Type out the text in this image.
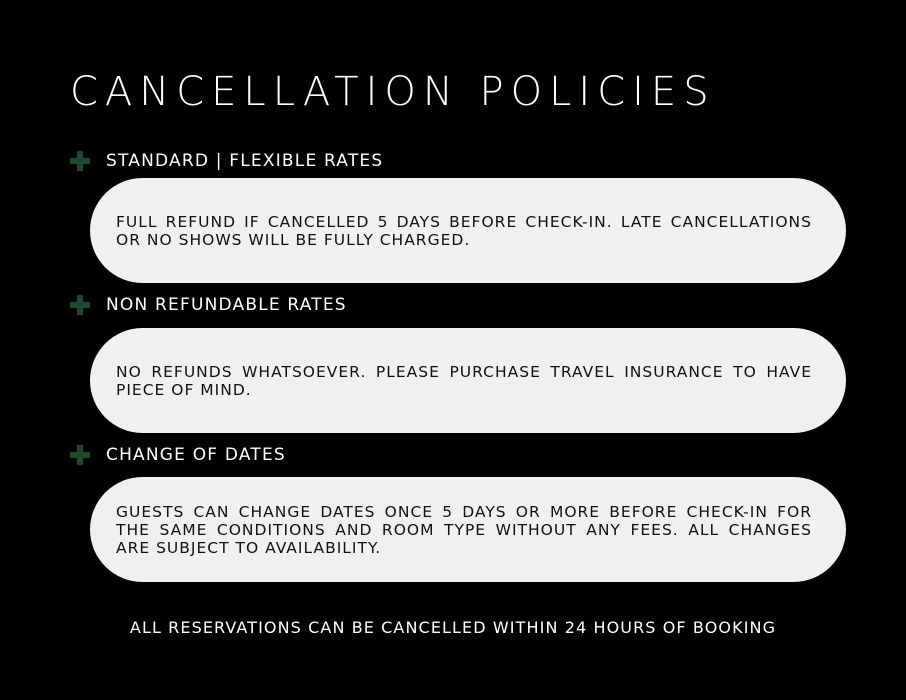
CANCELLATION POLICIES
STANDARD | FLEXIBLE RATES

FULL REFUND IF CANCELLED 5 DAYS BEFORE CHECK-IN. LATE CANCELLATIONS OR NO SHOWS WILL BE FULLY CHARGED.

NON REFUNDABLE RATES

NO REFUNDS WHATSOEVER. PLEASE PURCHASE TRAVEL INSURANCE TO HAVE PIECE OF MIND.

CHANGE OF DATES

GUESTS CAN CHANGE DATES ONCE 5 DAYS OR MORE BEFORE CHECK-IN FOR THE SAME CONDITIONS AND ROOM TYPE WITHOUT ANY FEES. ALL CHANGES ARE SUBJECT TO AVAILABILITY.

ALL RESERVATIONS CAN BE CANCELLED WITHIN 24 HOURS OF BOOKING
